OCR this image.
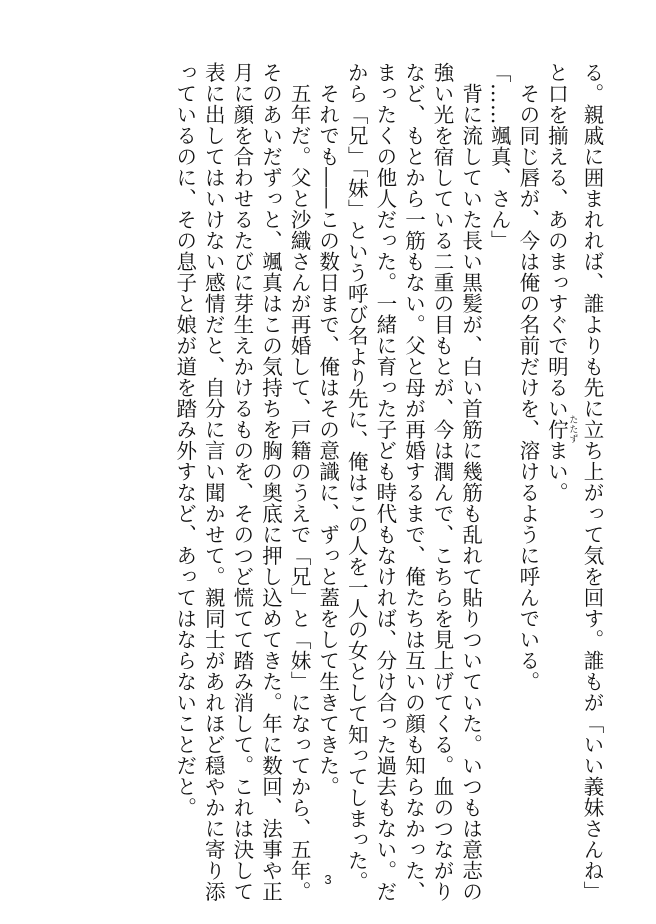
る。親戚に囲まれれば、誰よりも先に立ち上がって気を回す。誰もが「いい義妹さんね」
と口を揃える、あのまっすぐで明るい佇 たたずまい。
　その同じ唇が、今は俺の名前だけを、溶けるように呼んでいる。
「……颯真、さん」
　背に流していた長い黒髪が、白い首筋に幾筋も乱れて貼りついていた。いつもは意志の
強い光を宿している二重の目もとが、今は潤んで、こちらを見上げてくる。血のつながり
など、もとから一筋もない。父と母が再婚するまで、俺たちは互いの顔も知らなかった、
まったくの他人だった。一緒に育った子ども時代もなければ、分け合った過去もない。だ
から「兄」「妹」という呼び名より先に、俺はこの人を一人の女として知ってしまった。
　それでも――この数日まで、俺はその意識に、ずっと蓋をして生きてきた。
　五年だ。父と沙織さんが再婚して、戸籍のうえで「兄」と「妹」になってから、五年。
そのあいだずっと、颯真はこの気持ちを胸の奥底に押し込めてきた。年に数回、法事や正
月に顔を合わせるたびに芽生えかけるものを、そのつど慌てて踏み消して。これは決して
表に出してはいけない感情だと、自分に言い聞かせて。親同士があれほど穏やかに寄り添
っているのに、その息子と娘が道を踏み外すなど、あってはならないことだと。
3
